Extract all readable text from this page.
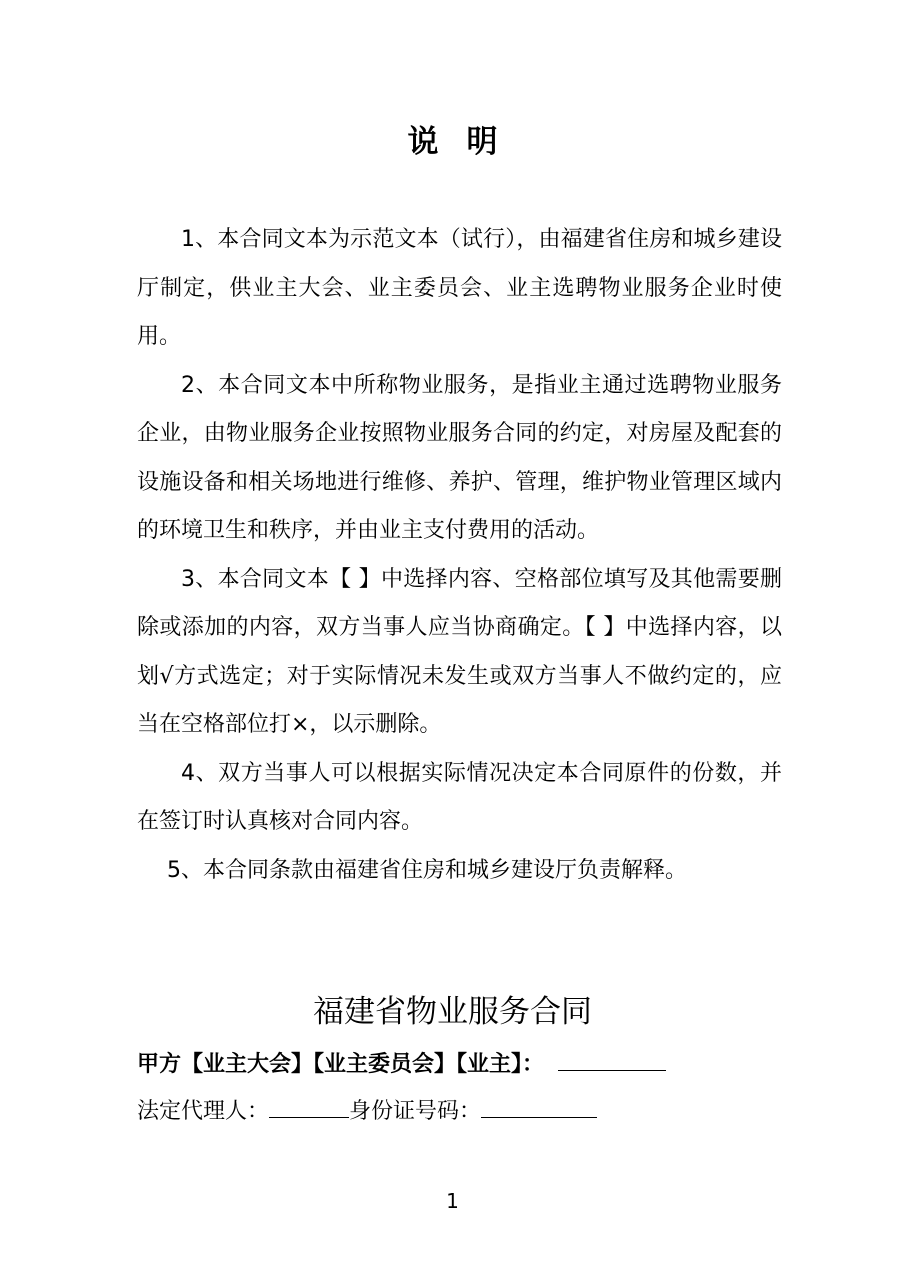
说明

1、本合同文本为示范文本（试行），由福建省住房和城乡建设厅制定，供业主大会、业主委员会、业主选聘物业服务企业时使用。

2、本合同文本中所称物业服务，是指业主通过选聘物业服务企业，由物业服务企业按照物业服务合同的约定，对房屋及配套的设施设备和相关场地进行维修、养护、管理，维护物业管理区域内的环境卫生和秩序，并由业主支付费用的活动。

3、本合同文本【 】中选择内容、空格部位填写及其他需要删除或添加的内容，双方当事人应当协商确定。【 】中选择内容，以划√方式选定；对于实际情况未发生或双方当事人不做约定的，应当在空格部位打×，以示删除。

4、双方当事人可以根据实际情况决定本合同原件的份数，并在签订时认真核对合同内容。

5、本合同条款由福建省住房和城乡建设厅负责解释。

福建省物业服务合同
甲方【业主大会】【业主委员会】【业主】：
法定代理人：	身份证号码：
1
